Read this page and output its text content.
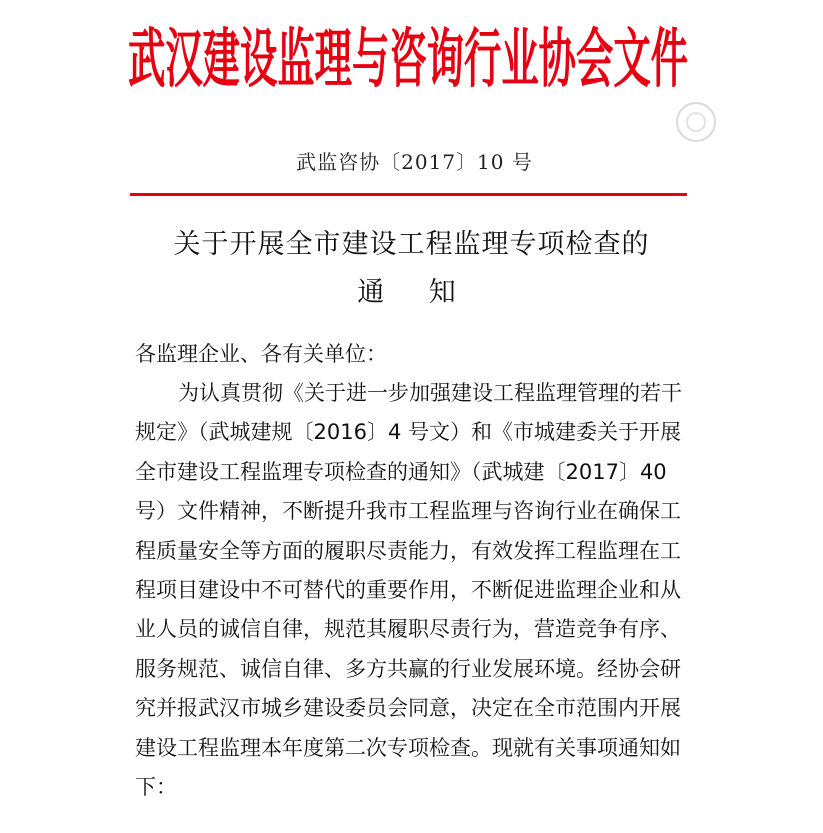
武汉建设监理与咨询行业协会文件
武监咨协〔2017〕10 号
关于开展全市建设工程监理专项检查的
通 知
各监理企业、各有关单位：
为认真贯彻《关于进一步加强建设工程监理管理的若干
规定》（武城建规〔2016〕4 号文）和《市城建委关于开展
全市建设工程监理专项检查的通知》（武城建〔2017〕40
号）文件精神，不断提升我市工程监理与咨询行业在确保工
程质量安全等方面的履职尽责能力，有效发挥工程监理在工
程项目建设中不可替代的重要作用，不断促进监理企业和从
业人员的诚信自律，规范其履职尽责行为，营造竞争有序、
服务规范、诚信自律、多方共赢的行业发展环境。经协会研
究并报武汉市城乡建设委员会同意，决定在全市范围内开展
建设工程监理本年度第二次专项检查。现就有关事项通知如
下：
